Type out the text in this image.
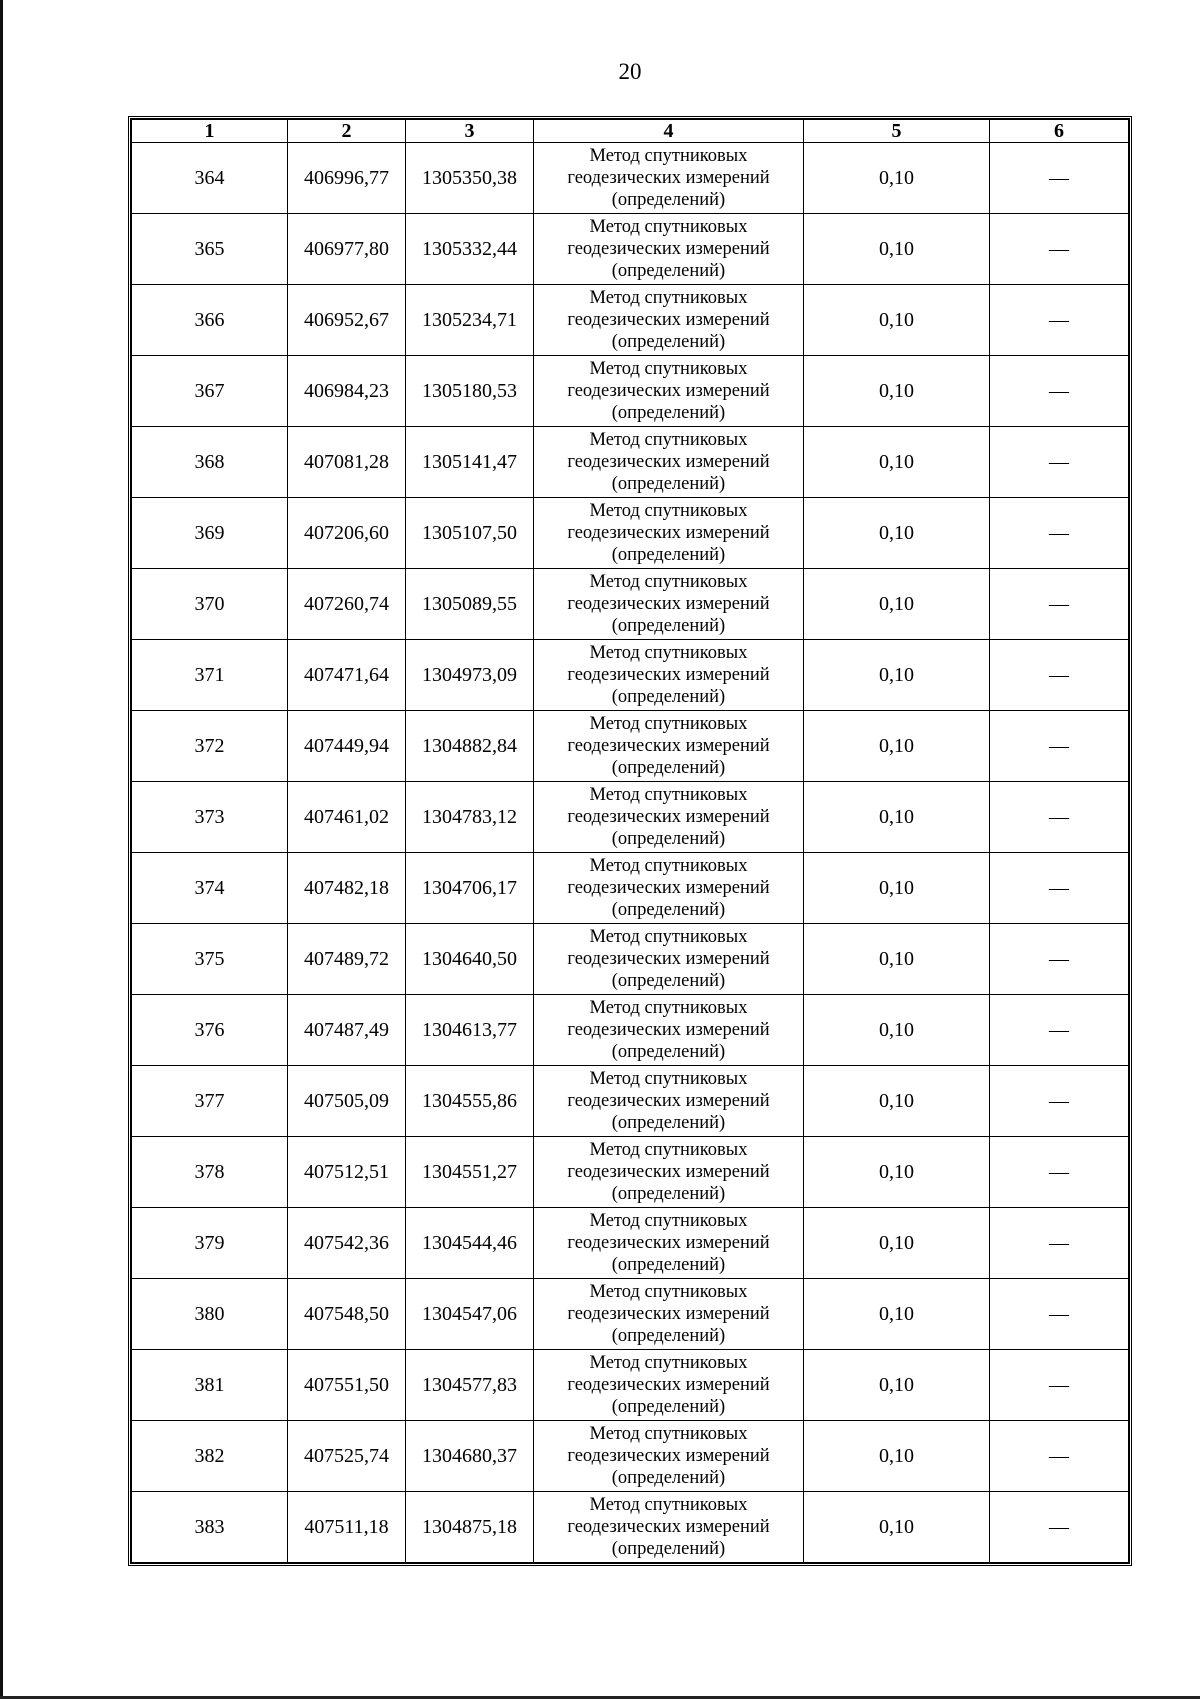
20
1	2	3	4	5	6
364	406996,77	1305350,38	Метод спутниковых
геодезических измерений
(определений)	0,10	—
365	406977,80	1305332,44	Метод спутниковых
геодезических измерений
(определений)	0,10	—
366	406952,67	1305234,71	Метод спутниковых
геодезических измерений
(определений)	0,10	—
367	406984,23	1305180,53	Метод спутниковых
геодезических измерений
(определений)	0,10	—
368	407081,28	1305141,47	Метод спутниковых
геодезических измерений
(определений)	0,10	—
369	407206,60	1305107,50	Метод спутниковых
геодезических измерений
(определений)	0,10	—
370	407260,74	1305089,55	Метод спутниковых
геодезических измерений
(определений)	0,10	—
371	407471,64	1304973,09	Метод спутниковых
геодезических измерений
(определений)	0,10	—
372	407449,94	1304882,84	Метод спутниковых
геодезических измерений
(определений)	0,10	—
373	407461,02	1304783,12	Метод спутниковых
геодезических измерений
(определений)	0,10	—
374	407482,18	1304706,17	Метод спутниковых
геодезических измерений
(определений)	0,10	—
375	407489,72	1304640,50	Метод спутниковых
геодезических измерений
(определений)	0,10	—
376	407487,49	1304613,77	Метод спутниковых
геодезических измерений
(определений)	0,10	—
377	407505,09	1304555,86	Метод спутниковых
геодезических измерений
(определений)	0,10	—
378	407512,51	1304551,27	Метод спутниковых
геодезических измерений
(определений)	0,10	—
379	407542,36	1304544,46	Метод спутниковых
геодезических измерений
(определений)	0,10	—
380	407548,50	1304547,06	Метод спутниковых
геодезических измерений
(определений)	0,10	—
381	407551,50	1304577,83	Метод спутниковых
геодезических измерений
(определений)	0,10	—
382	407525,74	1304680,37	Метод спутниковых
геодезических измерений
(определений)	0,10	—
383	407511,18	1304875,18	Метод спутниковых
геодезических измерений
(определений)	0,10	—
